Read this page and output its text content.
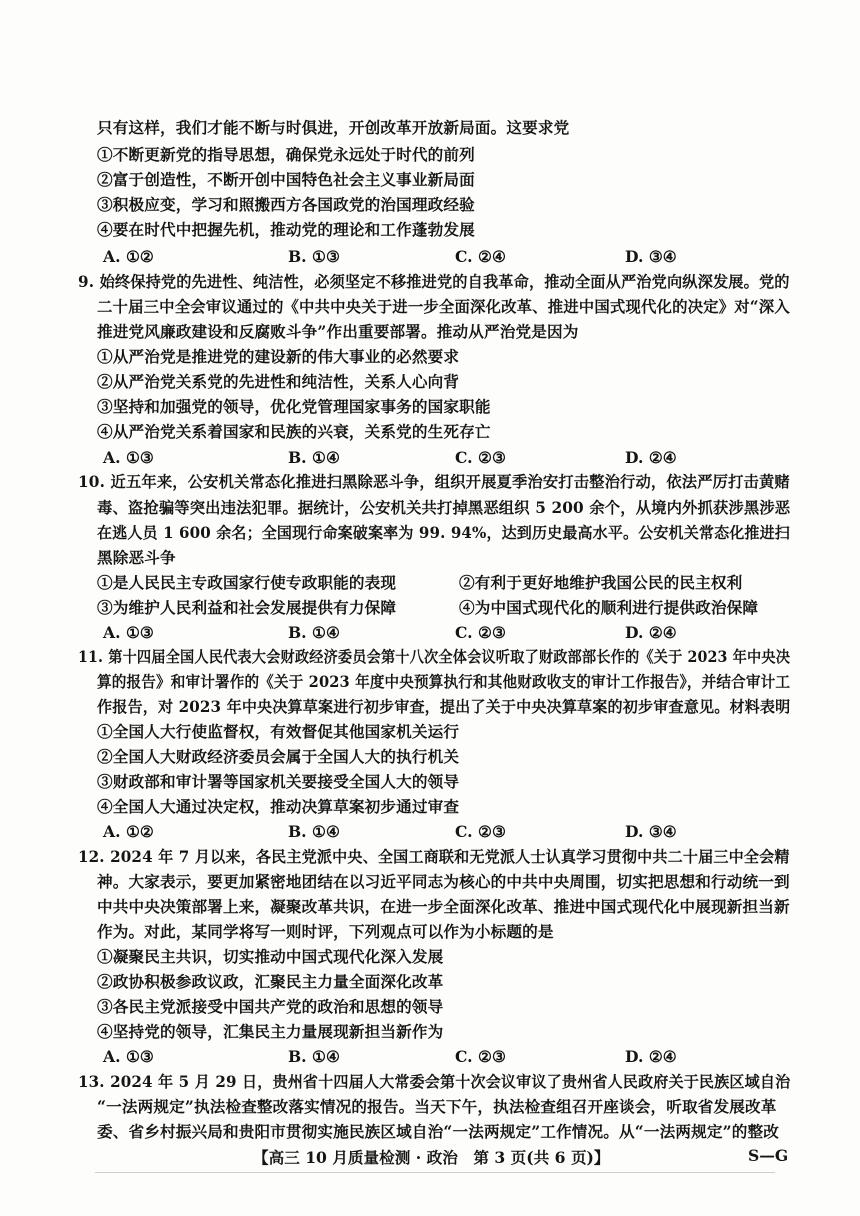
只有这样，我们才能不断与时俱进，开创改革开放新局面。这要求党
①不断更新党的指导思想，确保党永远处于时代的前列
②富于创造性，不断开创中国特色社会主义事业新局面
③积极应变，学习和照搬西方各国政党的治国理政经验
④要在时代中把握先机，推动党的理论和工作蓬勃发展
A. ①②	B. ①③	C. ②④	D. ③④
9. 始终保持党的先进性、纯洁性，必须坚定不移推进党的自我革命，推动全面从严治党向纵深发展。党的
二十届三中全会审议通过的《中共中央关于进一步全面深化改革、推进中国式现代化的决定》对“深入
推进党风廉政建设和反腐败斗争”作出重要部署。推动从严治党是因为
①从严治党是推进党的建设新的伟大事业的必然要求
②从严治党关系党的先进性和纯洁性，关系人心向背
③坚持和加强党的领导，优化党管理国家事务的国家职能
④从严治党关系着国家和民族的兴衰，关系党的生死存亡
A. ①③	B. ①④	C. ②③	D. ②④
10. 近五年来，公安机关常态化推进扫黑除恶斗争，组织开展夏季治安打击整治行动，依法严厉打击黄赌
毒、盗抢骗等突出违法犯罪。据统计，公安机关共打掉黑恶组织 5 200 余个，从境内外抓获涉黑涉恶
在逃人员 1 600 余名；全国现行命案破案率为 99. 94%，达到历史最高水平。公安机关常态化推进扫
黑除恶斗争
①是人民民主专政国家行使专政职能的表现	②有利于更好地维护我国公民的民主权利
③为维护人民利益和社会发展提供有力保障	④为中国式现代化的顺利进行提供政治保障
A. ①③	B. ①④	C. ②③	D. ②④
11. 第十四届全国人民代表大会财政经济委员会第十八次全体会议听取了财政部部长作的《关于 2023 年中央决
算的报告》和审计署作的《关于 2023 年度中央预算执行和其他财政收支的审计工作报告》，并结合审计工
作报告，对 2023 年中央决算草案进行初步审查，提出了关于中央决算草案的初步审查意见。材料表明
①全国人大行使监督权，有效督促其他国家机关运行
②全国人大财政经济委员会属于全国人大的执行机关
③财政部和审计署等国家机关要接受全国人大的领导
④全国人大通过决定权，推动决算草案初步通过审查
A. ①②	B. ①④	C. ②③	D. ③④
12. 2024 年 7 月以来，各民主党派中央、全国工商联和无党派人士认真学习贯彻中共二十届三中全会精
神。大家表示，要更加紧密地团结在以习近平同志为核心的中共中央周围，切实把思想和行动统一到
中共中央决策部署上来，凝聚改革共识，在进一步全面深化改革、推进中国式现代化中展现新担当新
作为。对此，某同学将写一则时评，下列观点可以作为小标题的是
①凝聚民主共识，切实推动中国式现代化深入发展
②政协积极参政议政，汇聚民主力量全面深化改革
③各民主党派接受中国共产党的政治和思想的领导
④坚持党的领导，汇集民主力量展现新担当新作为
A. ①③	B. ①④	C. ②③	D. ②④
13. 2024 年 5 月 29 日，贵州省十四届人大常委会第十次会议审议了贵州省人民政府关于民族区域自治
“一法两规定”执法检查整改落实情况的报告。当天下午，执法检查组召开座谈会，听取省发展改革
委、省乡村振兴局和贵阳市贯彻实施民族区域自治“一法两规定”工作情况。从“一法两规定”的整改
【高三 10 月质量检测 · 政治　第 3 页(共 6 页)】	S—G
